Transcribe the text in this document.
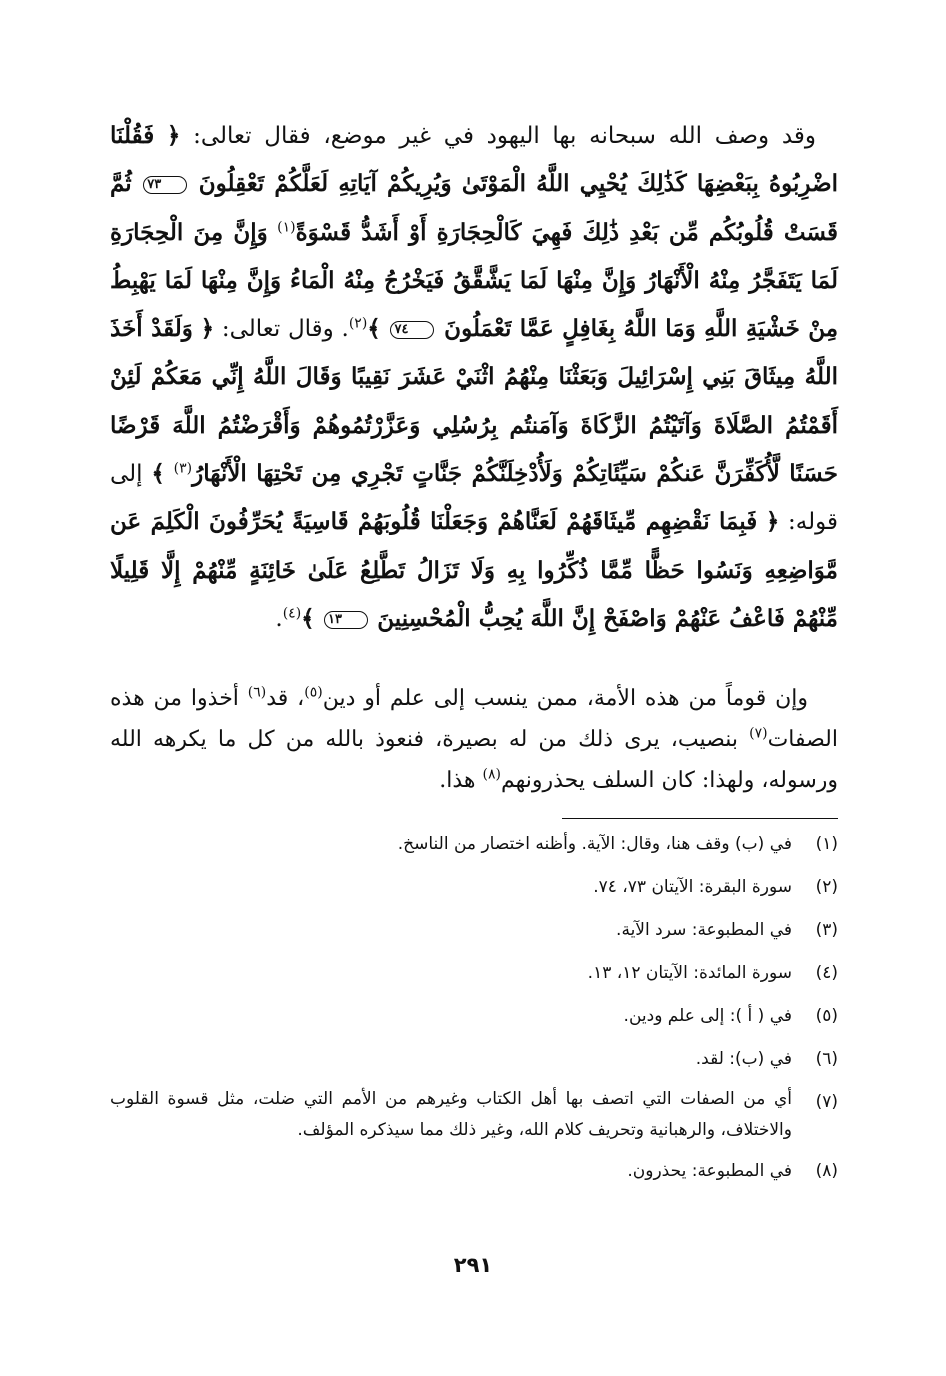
وقد وصف الله سبحانه بها اليهود في غير موضع، فقال تعالى: ﴿ فَقُلْنَا اضْرِبُوهُ بِبَعْضِهَا كَذَٰلِكَ يُحْيِي اللَّهُ الْمَوْتَىٰ وَيُرِيكُمْ آيَاتِهِ لَعَلَّكُمْ تَعْقِلُونَ ٧٣ ثُمَّ قَسَتْ قُلُوبُكُم مِّن بَعْدِ ذَٰلِكَ فَهِيَ كَالْحِجَارَةِ أَوْ أَشَدُّ قَسْوَةً$^{(١)}$ وَإِنَّ مِنَ الْحِجَارَةِ لَمَا يَتَفَجَّرُ مِنْهُ الْأَنْهَارُ وَإِنَّ مِنْهَا لَمَا يَشَّقَّقُ فَيَخْرُجُ مِنْهُ الْمَاءُ وَإِنَّ مِنْهَا لَمَا يَهْبِطُ مِنْ خَشْيَةِ اللَّهِ وَمَا اللَّهُ بِغَافِلٍ عَمَّا تَعْمَلُونَ ٧٤ ﴾$^{(٢)}$. وقال تعالى: ﴿ وَلَقَدْ أَخَذَ اللَّهُ مِيثَاقَ بَنِي إِسْرَائِيلَ وَبَعَثْنَا مِنْهُمُ اثْنَيْ عَشَرَ نَقِيبًا وَقَالَ اللَّهُ إِنِّي مَعَكُمْ لَئِنْ أَقَمْتُمُ الصَّلَاةَ وَآتَيْتُمُ الزَّكَاةَ وَآمَنتُم بِرُسُلِي وَعَزَّرْتُمُوهُمْ وَأَقْرَضْتُمُ اللَّهَ قَرْضًا حَسَنًا لَّأُكَفِّرَنَّ عَنكُمْ سَيِّئَاتِكُمْ وَلَأُدْخِلَنَّكُمْ جَنَّاتٍ تَجْرِي مِن تَحْتِهَا الْأَنْهَارُ$^{(٣)}$ ﴾ إلى قوله: ﴿ فَبِمَا نَقْضِهِم مِّيثَاقَهُمْ لَعَنَّاهُمْ وَجَعَلْنَا قُلُوبَهُمْ قَاسِيَةً يُحَرِّفُونَ الْكَلِمَ عَن مَّوَاضِعِهِ وَنَسُوا حَظًّا مِّمَّا ذُكِّرُوا بِهِ وَلَا تَزَالُ تَطَّلِعُ عَلَىٰ خَائِنَةٍ مِّنْهُمْ إِلَّا قَلِيلًا مِّنْهُمْ فَاعْفُ عَنْهُمْ وَاصْفَحْ إِنَّ اللَّهَ يُحِبُّ الْمُحْسِنِينَ ١٣ ﴾$^{(٤)}$.

وإن قوماً من هذه الأمة، ممن ينسب إلى علم أو دين$^{(٥)}$، قد$^{(٦)}$ أخذوا من هذه الصفات$^{(٧)}$ بنصيب، يرى ذلك من له بصيرة، فنعوذ بالله من كل ما يكرهه الله ورسوله، ولهذا: كان السلف يحذرونهم$^{(٨)}$ هذا.

(١)
في (ب) وقف هنا، وقال: الآية. وأظنه اختصار من الناسخ.
(٢)
سورة البقرة: الآيتان ٧٣، ٧٤.
(٣)
في المطبوعة: سرد الآية.
(٤)
سورة المائدة: الآيتان ١٢، ١٣.
(٥)
في ( أ ): إلى علم ودين.
(٦)
في (ب): لقد.
(٧)
أي من الصفات التي اتصف بها أهل الكتاب وغيرهم من الأمم التي ضلت، مثل قسوة القلوب والاختلاف، والرهبانية وتحريف كلام الله، وغير ذلك مما سيذكره المؤلف.
(٨)
في المطبوعة: يحذرون.
٢٩١
